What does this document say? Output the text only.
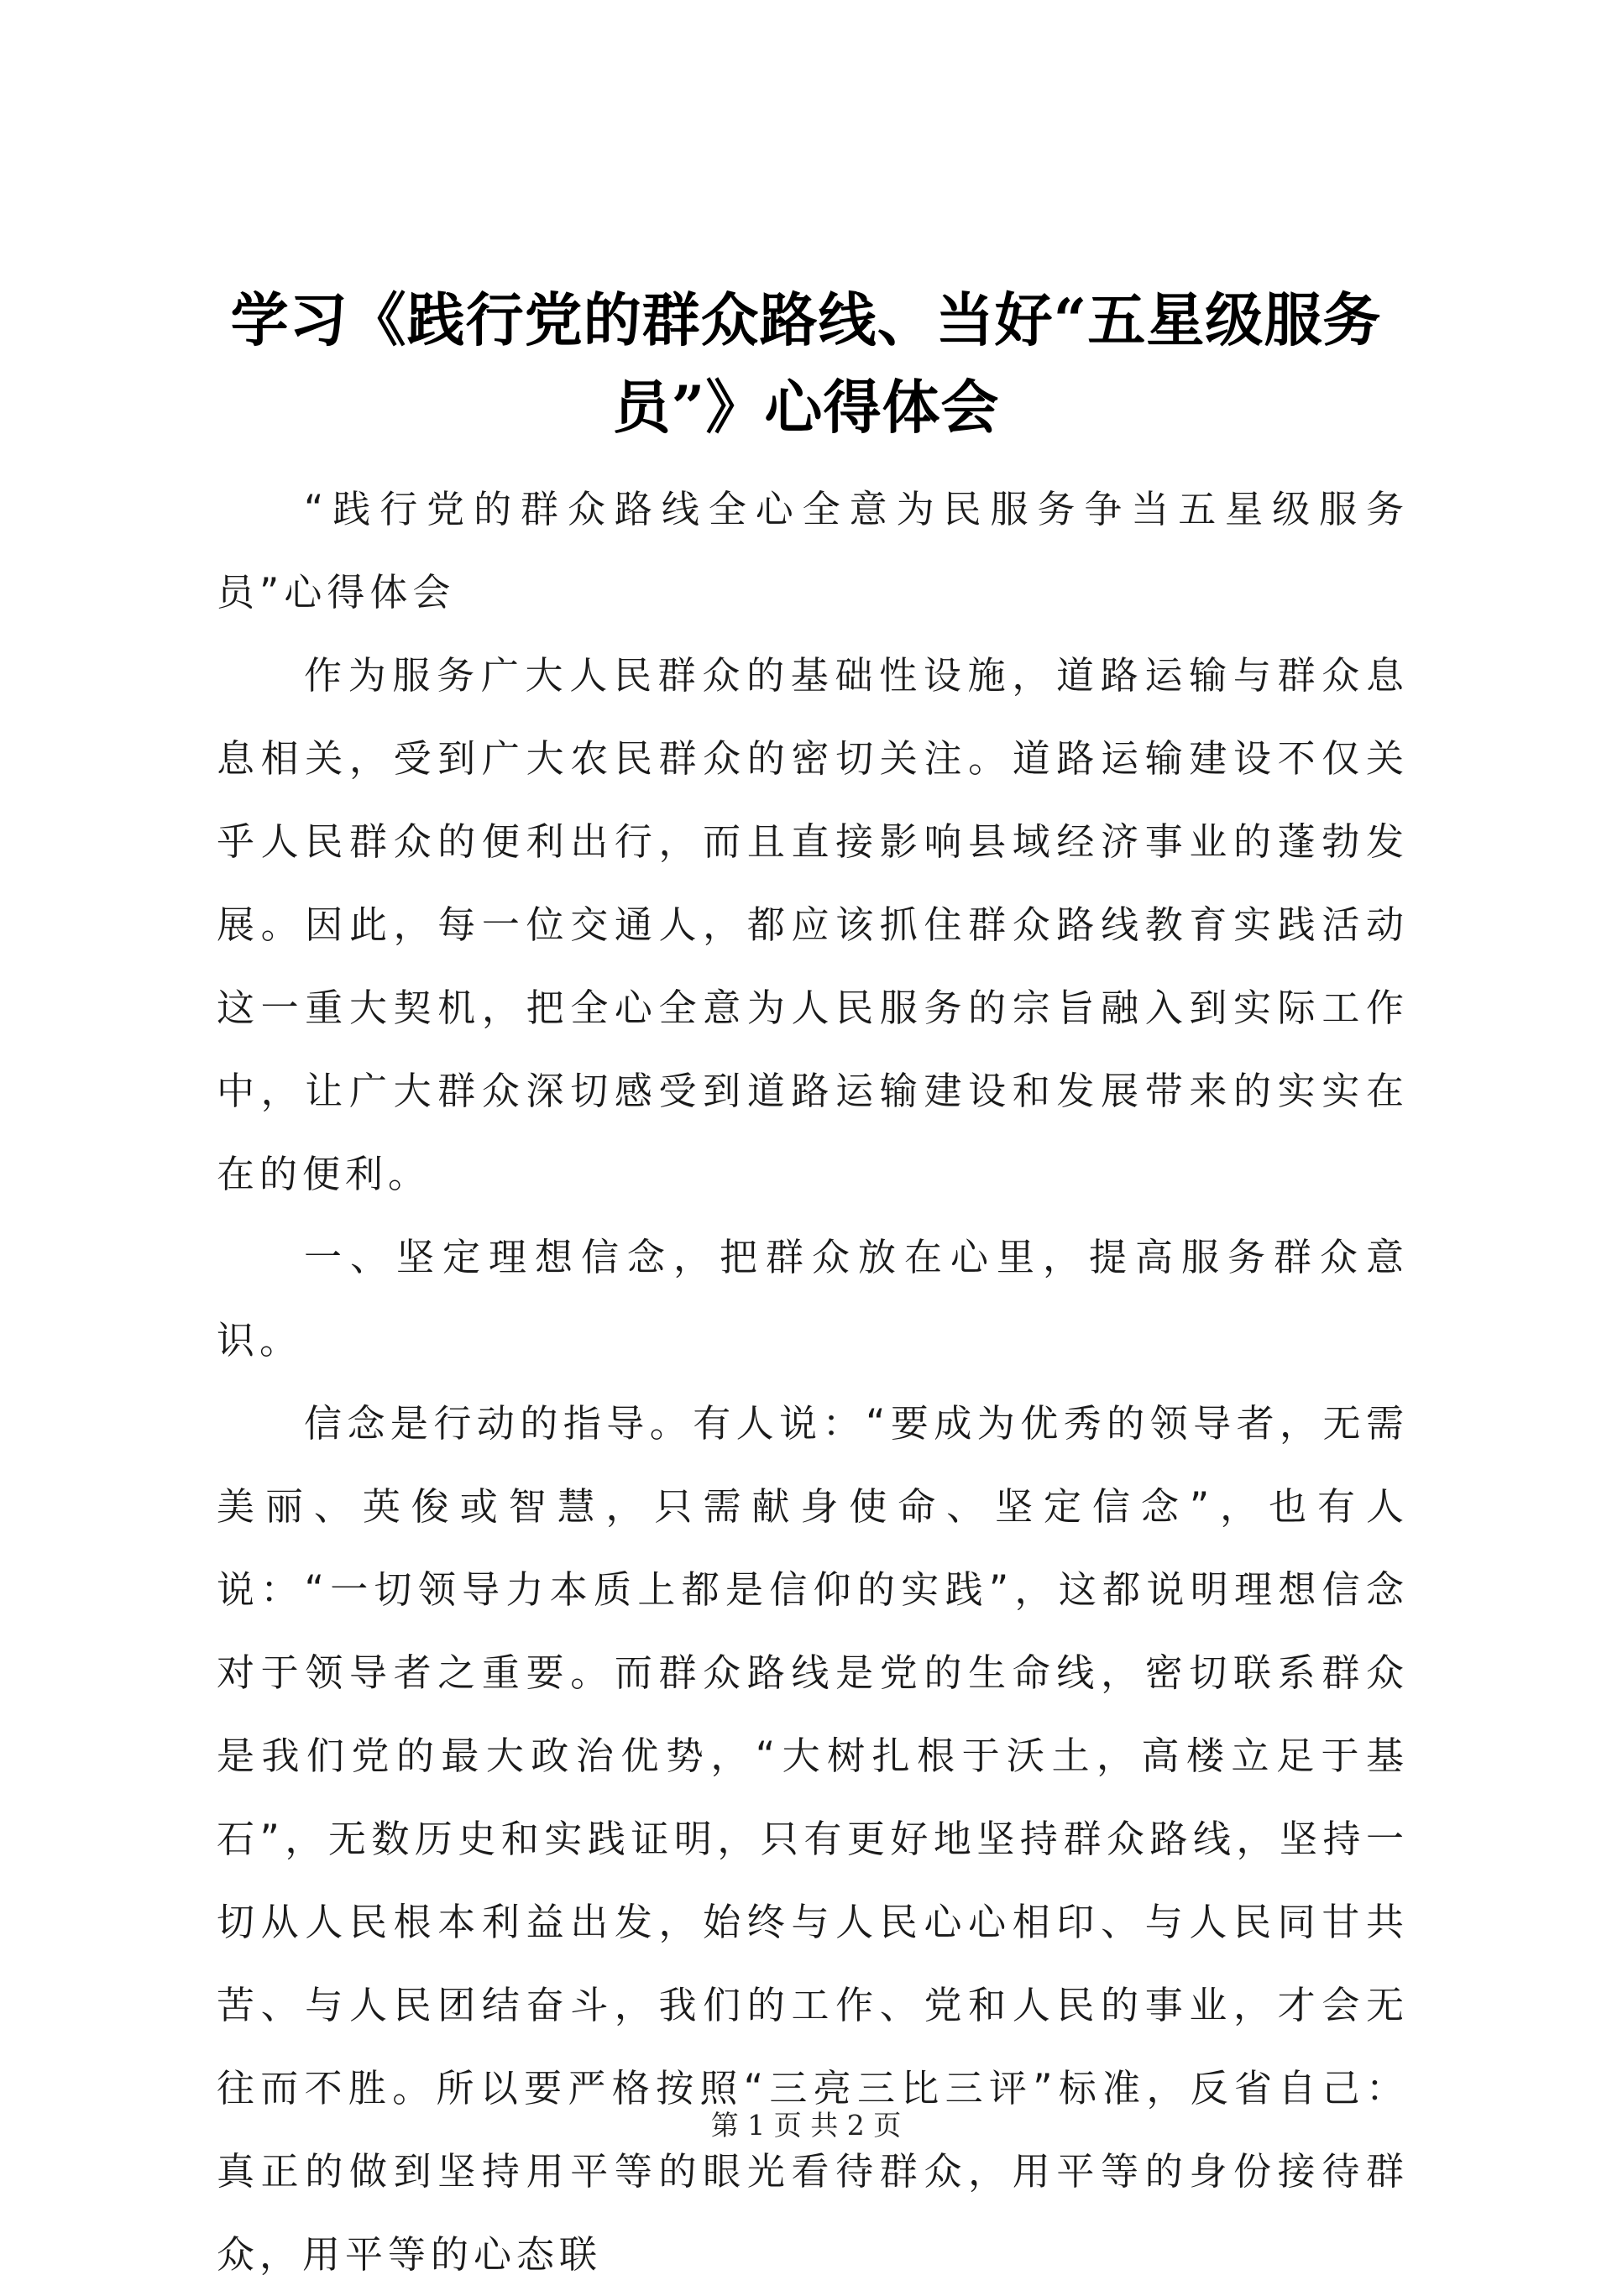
学习《践行党的群众路线、当好“五星级服务员”》心得体会

“践行党的群众路线全心全意为民服务争当五星级服务员”心得体会

作为服务广大人民群众的基础性设施，道路运输与群众息息相关，受到广大农民群众的密切关注。道路运输建设不仅关乎人民群众的便利出行，而且直接影响县域经济事业的蓬勃发展。因此，每一位交通人，都应该抓住群众路线教育实践活动这一重大契机，把全心全意为人民服务的宗旨融入到实际工作中，让广大群众深切感受到道路运输建设和发展带来的实实在在的便利。

一、坚定理想信念，把群众放在心里，提高服务群众意识。

信念是行动的指导。有人说：“要成为优秀的领导者，无需美丽、英俊或智慧，只需献身使命、坚定信念”，也有人说：“一切领导力本质上都是信仰的实践”，这都说明理想信念对于领导者之重要。而群众路线是党的生命线，密切联系群众是我们党的最大政治优势，“大树扎根于沃土，高楼立足于基石”，无数历史和实践证明，只有更好地坚持群众路线，坚持一切从人民根本利益出发，始终与人民心心相印、与人民同甘共苦、与人民团结奋斗，我们的工作、党和人民的事业，才会无往而不胜。所以要严格按照“三亮三比三评”标准，反省自己：真正的做到坚持用平等的眼光看待群众，用平等的身份接待群众，用平等的心态联

第 1 页 共 2 页
